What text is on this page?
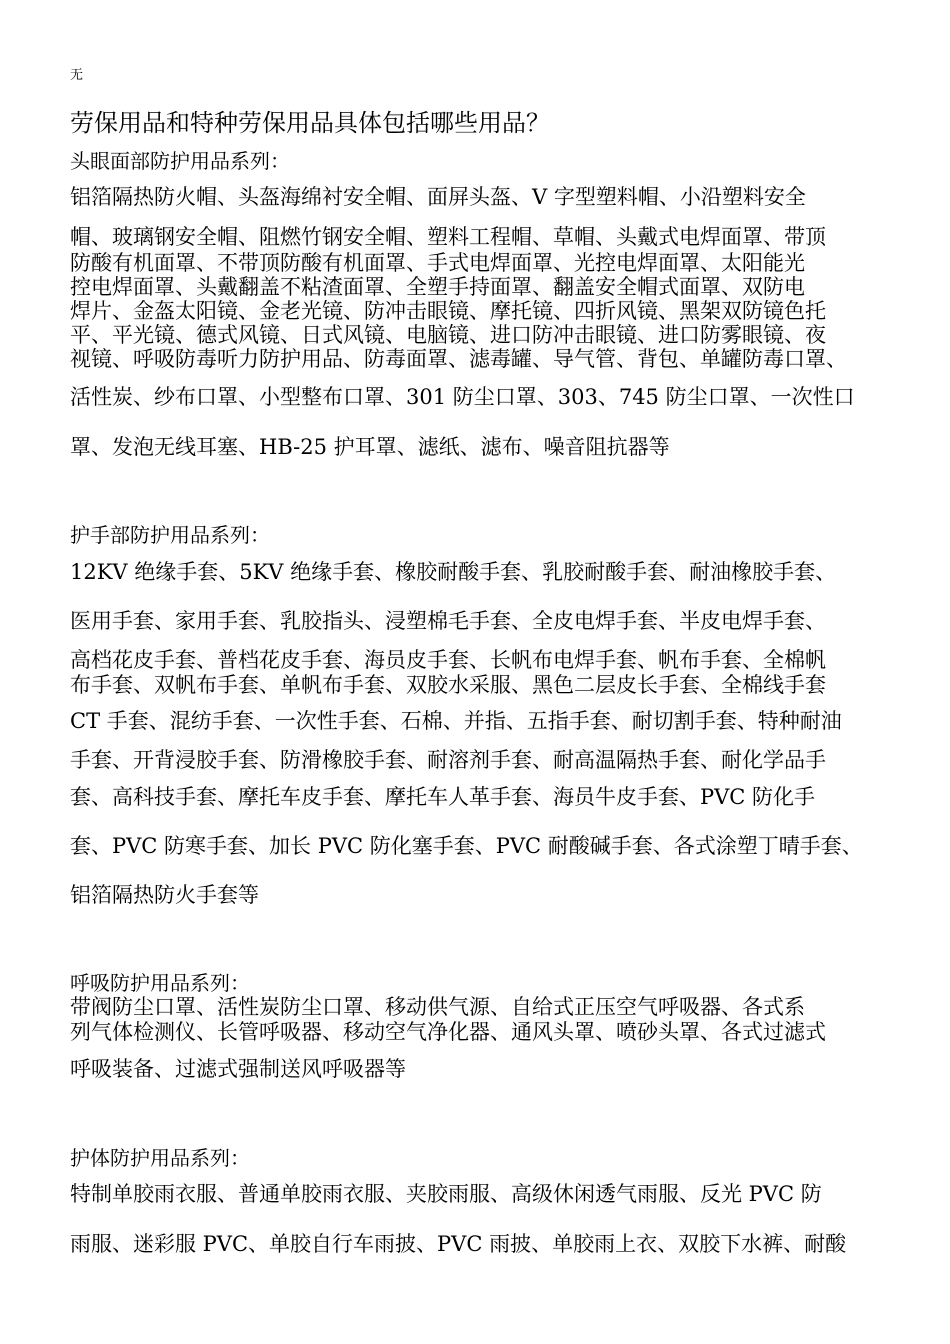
无
劳保用品和特种劳保用品具体包括哪些用品？
头眼面部防护用品系列：
铝箔隔热防火帽、头盔海绵衬安全帽、面屏头盔、V 字型塑料帽、小沿塑料安全
帽、玻璃钢安全帽、阻燃竹钢安全帽、塑料工程帽、草帽、头戴式电焊面罩、带顶
防酸有机面罩、不带顶防酸有机面罩、手式电焊面罩、光控电焊面罩、太阳能光
控电焊面罩、头戴翻盖不粘渣面罩、全塑手持面罩、翻盖安全帽式面罩、双防电
焊片、金盔太阳镜、金老光镜、防冲击眼镜、摩托镜、四折风镜、黑架双防镜色托
平、平光镜、德式风镜、日式风镜、电脑镜、进口防冲击眼镜、进口防雾眼镜、夜
视镜、呼吸防毒听力防护用品、防毒面罩、滤毒罐、导气管、背包、单罐防毒口罩、
活性炭、纱布口罩、小型整布口罩、301 防尘口罩、303、745 防尘口罩、一次性口
罩、发泡无线耳塞、HB-25 护耳罩、滤纸、滤布、噪音阻抗器等
护手部防护用品系列：
12KV 绝缘手套、5KV 绝缘手套、橡胶耐酸手套、乳胶耐酸手套、耐油橡胶手套、
医用手套、家用手套、乳胶指头、浸塑棉毛手套、全皮电焊手套、半皮电焊手套、
高档花皮手套、普档花皮手套、海员皮手套、长帆布电焊手套、帆布手套、全棉帆
布手套、双帆布手套、单帆布手套、双胶水采服、黑色二层皮长手套、全棉线手套
CT 手套、混纺手套、一次性手套、石棉、并指、五指手套、耐切割手套、特种耐油
手套、开背浸胶手套、防滑橡胶手套、耐溶剂手套、耐高温隔热手套、耐化学品手
套、高科技手套、摩托车皮手套、摩托车人革手套、海员牛皮手套、PVC 防化手
套、PVC 防寒手套、加长 PVC 防化塞手套、PVC 耐酸碱手套、各式涂塑丁晴手套、
铝箔隔热防火手套等
呼吸防护用品系列：
带阀防尘口罩、活性炭防尘口罩、移动供气源、自给式正压空气呼吸器、各式系
列气体检测仪、长管呼吸器、移动空气净化器、通风头罩、喷砂头罩、各式过滤式
呼吸装备、过滤式强制送风呼吸器等
护体防护用品系列：
特制单胶雨衣服、普通单胶雨衣服、夹胶雨服、高级休闲透气雨服、反光 PVC 防
雨服、迷彩服 PVC、单胶自行车雨披、PVC 雨披、单胶雨上衣、双胶下水裤、耐酸
